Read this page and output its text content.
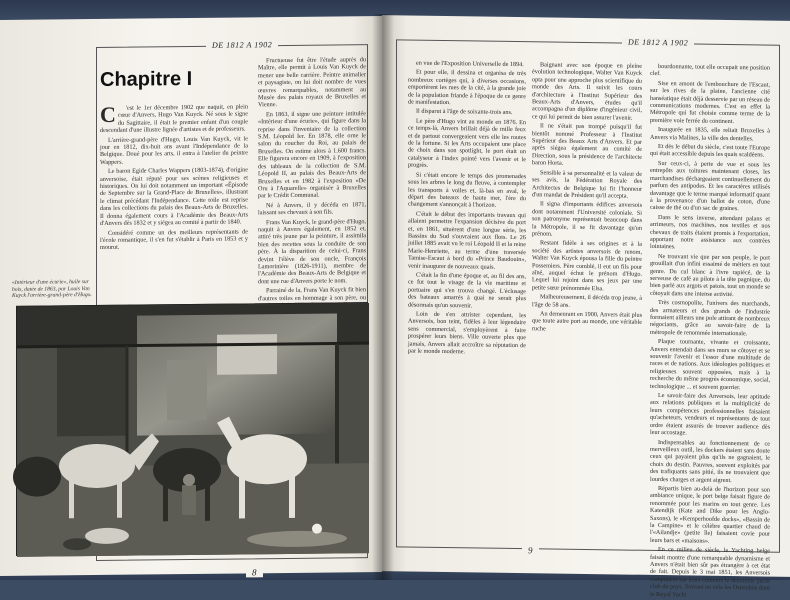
DE 1812 A 1902
Chapitre I

C 'est le 1er décembre 1902 que naquit, en plein cœur d'Anvers, Hugo Van Kuyck. Né sous le signe du Sagittaire, il était le premier enfant d'un couple descendant d'une illustre lignée d'artistes et de professeurs.

L'arrière-grand-père d'Hugo, Louis Van Kuyck, vit le jour en 1812, dix-huit ans avant l'Indépendance de la Belgique. Doué pour les arts, il entra à l'atelier du peintre Wappers.

Le baron Egide Charles Wappers (1803-1874), d'origine anversoise, était réputé pour ses scènes religieuses et historiques. On lui doit notamment un important «Épisode de Septembre sur la Grand-Place de Bruxelles», illustrant le climat précédant l'Indépendance. Cette toile est reprise dans les collections du palais des Beaux-Arts de Bruxelles. Il donna également cours à l'Académie des Beaux-Arts d'Anvers dès 1832 et y siégea au comité à partir de 1840.

Considéré comme un des meilleurs représentants de l'école romantique, il s'en fut s'établir à Paris en 1853 et y mourut.

Fructueuse fut être l'étude auprès du Maître, elle permit à Louis Van Kuyck de mener une belle carrière. Peintre animalier et paysagiste, on lui doit nombre de vues œuvres remarquables, notamment au Musée des palais royaux de Bruxelles et Vienne.

En 1863, il signe une peinture intitulée «Intérieur d'une écurie», qui figure dans la reprise dans l'inventaire de la collection S.M. Léopold Ier. En 1878, elle orne le salon du coucher du Roi, au palais de Bruxelles. On estime alors à 1.600 francs. Elle figurera encore en 1909, à l'exposition des tableaux de la collection de S.M. Léopold II, au palais des Beaux-Arts de Bruxelles et en 1982 à l'exposition «De Oru à l'Aquarelle» organisée à Bruxelles par le Crédit Communal.

Né à Anvers, il y décéda en 1871, laissant ses chevaux à son fils.

Frans Van Kuyck, le grand-père d'Hugo, naquit à Anvers également, en 1852 et, attiré très jeune par la peinture, il assimila bien des recettes sous la conduite de son père. À la disparition de celui-ci, Frans devint l'élève de son oncle, François Lamorinière (1826-1911), membre de l'Académie des Beaux-Arts de Belgique et dont une rue d'Anvers porte le nom.

Parrainé de la, Frans Van Kuyck fit bien d'autres toiles en hommage à son père, ou

«Intérieur d'une écurie», huile sur bois, datée de 1863, par Louis Van Kuyck l'arrière-grand-père d'Hugo.
8
DE 1812 A 1902

en vue de l'Exposition Universelle de 1894.

Et pour elle, il dessina et organisa de très nombreux cortèges qui, à diverses occasions, emportèrent les rues de la cité, à la grande joie de la population friande à l'époque de ce genre de manifestation.

Il disparut à l'âge de soixante-trois ans.

Le père d'Hugo vint au monde en 1876. En ce temps-là, Anvers brillait déjà de mille feux et de partout convergeaient vers elle les routes de la fortune. Si les Arts occupaient une place de choix dans son spotlight, le port était un catalyseur à l'index pointé vers l'avenir et le progrès.

Si c'était encore le temps des promenades sous les arbres le long du fleuve, à contempler les transports à voiles et, là-bas en aval, le départ des bateaux de haute mer, l'ère du changement s'annonçait à l'horizon.

C'était le début des importants travaux qui allaient permettre l'expansion décisive du port et, en 1861, situèrent d'une longue série, les Bassins du Sud s'ouvraient aux flots. Le 26 juillet 1885 avait vu le roi Léopold II et la reine Marie-Henriette, au terme d'une traversée Tamise-Escaut à bord du «Prince Baudouin», venir inaugurer de nouveaux quais.

C'était la fin d'une époque et, au fil des ans, ce fut tout le visage de la vie maritime et portuaire qui s'en trouva changé. L'éclusage des bateaux amarrés à quai ne serait plus désormais qu'un souvenir.

Loin de s'en attrister cependant, les Anversois, bon teint, fidèles à leur légendaire sens commercial, s'employèrent à faire prospérer leurs biens. Ville ouverte plus que jamais, Anvers allait accroître sa réputation de par le monde moderne.

Baignant avec son époque en pleine évolution technologique, Walter Van Kuyck opta pour une approche plus scientifique du monde des Arts. Il suivit les cours d'architecture à l'Institut Supérieur des Beaux-Arts d'Anvers, études qu'il accompagna d'un diplôme d'ingénieur civil, ce qui lui permit de bien assurer l'avenir.

Il ne s'était pas trompé puisqu'il fut bientôt nommé Professeur à l'Institut Supérieur des Beaux Arts d'Anvers. Et par après siégea également au comité de Direction, sous la présidence de l'architecte baron Horta.

Sensible à sa personnalité et la valeur de ses avis, la Fédération Royale des Architectes de Belgique lui fit l'honneur d'un mandat de Président qu'il accepta.

Il signa d'importants édifices anversois dont notamment l'Université coloniale. Si son patronyme représentait beaucoup dans la Métropole, il se fit davantage qu'un prénom.

Restant fidèle à ses origines et à la société des artistes anversois de renom, Walter Van Kuyck épousa la fille du peintre Possemiers. Père comblé, il eut un fils pour aîné, auquel échut le prénom d'Hugo. Lequel lui rejoint dans ses jeux par une petite sœur prénommée Elsa.

Malheureusement, il décéda trop jeune, à l'âge de 58 ans.

Au demeurant en 1900, Anvers était plus que toute autre port au monde, une véritable ruche

bourdonnante, tout elle occupait une position clef.

Sise en amont de l'embouchure de l'Escaut, sur les rives de la plaine, l'ancienne cité hanséatique était déjà desservie par un réseau de communications modernes. C'est en effet la Métropole qui fut choisie comme terme de la première voie ferrée du continent.

Inaugurée en 1835, elle reliait Bruxelles à Anvers via Malines, la ville des dentelles.

Et dès le début du siècle, c'est toute l'Europe qui était accessible depuis les quais scaldéens.

Sur ceux-ci, à perte de vue et sous les entrepôts aux toitures maintenant closes, les marchandises déchargeaient continuellement du parfum des antipodes. Et les caractères utilisés davantage que le terme marqué informatif quant à la provenance d'un ballot de coton, d'une caisse de thé ou d'un sac de graines.

Dans le sens inverse, attendant palans et arrimeurs, nos machines, nos textiles et nos chevaux de traits étaient promis à l'exportation, apportant notre assistance aux contrées lointaines.

Ne trouvant vie que par son peuple, le port grouillait d'un infini essaimé de métiers en tout genre. Du cul blanc à l'ivre rapiécé, de la serveuse de café au pilote à la tête pagnique, du bien parlé aux argots et patois, tout un monde se côtoyait dans une intense activité.

Très cosmopolite, l'univers des marchands, des armateurs et des grands de l'industrie formaient ailleurs une pole attirant de nombreux négociants, grâce au savoir-faire de la métropole de renommée internationale.

Plaque tournante, vivante et croissante, Anvers entendait dans ses murs se côtoyer et se souvenir l'avenir et l'essor d'une multitude de races et de nations. Aux idéologies politiques et religieuses souvent opposées, mais à la recherche du même progrès économique, social, technologique ... et souvent guerrier.

Le savoir-faire des Anversois, leur aptitude aux relations publiques et la multiplicité de leurs compétences professionnelles faisaient qu'acheteurs, vendeurs et représentants de tout ordre étaient assurés de trouver audience dès leur accostage.

Indispensables au fonctionnement de ce merveilleux outil, les dockers étaient sans doute ceux qui payaient plus qu'ils ne gagnaient, le choix du destin. Pauvres, souvent exploités par des trafiquants sans pitié, ils ne trouvaient que lourdes charges et argent aigrent.

Répartis bien au-delà de l'horizon pour son ambiance unique, le port belge faisait figure de renommée pour les marins en tout genre. Les Katendijk (Kate and Dike pour les Anglo-Saxons), le «Kemperhoofde docks», «Bassin de la Campine» et le célèbre quartier chaud de l'«Ailandje» (petite île) faisaient covie pour leurs bars et «maisons».

En ce milieu de siècle, le Yachting belge faisait montre d'une remarquable dynamisme et Anvers n'était bien sûr pas étrangère à cet état de fait. Depuis le 3 mai 1851, les Anversois comptaient sur leurs couleurs le deuxième yacht club du pays. Suivant en cela les Ostendais dont le Royal Yacht

9
